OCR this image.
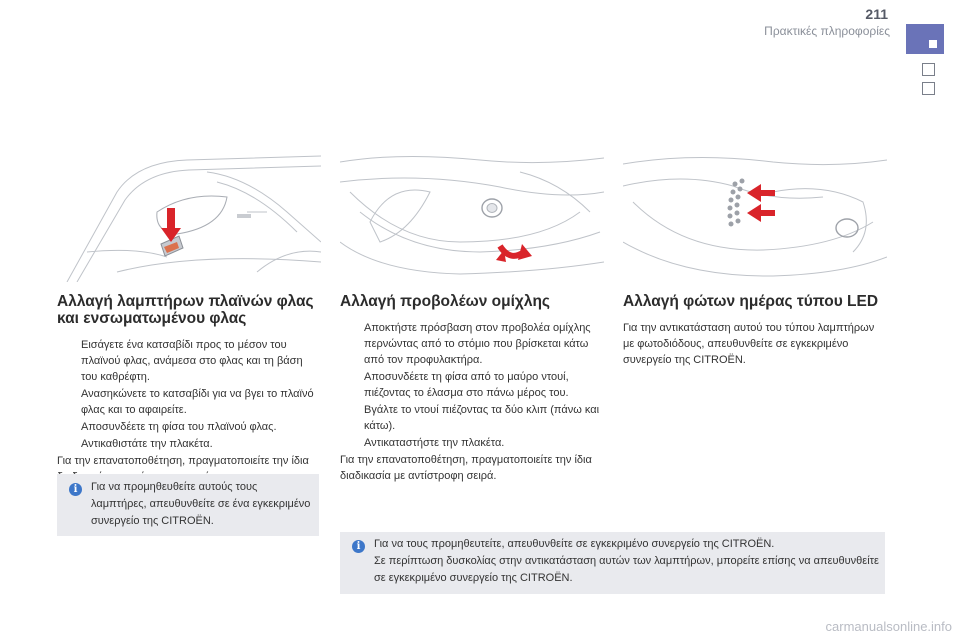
211
Πρακτικές πληροφορίες
Αλλαγή λαμπτήρων πλαϊνών φλας και ενσωματωμένου φλας
Εισάγετε ένα κατσαβίδι προς το μέσον του πλαϊνού φλας, ανάμεσα στο φλας και τη βάση του καθρέφτη.
Ανασηκώνετε το κατσαβίδι για να βγει το πλαϊνό φλας και το αφαιρείτε.
Αποσυνδέετε τη φίσα του πλαϊνού φλας.
Αντικαθιστάτε την πλακέτα.
Για την επανατοποθέτηση, πραγματοποιείτε την ίδια
Αλλαγή προβολέων ομίχλης
Αποκτήστε πρόσβαση στον προβολέα ομίχλης περνώντας από το στόμιο που βρίσκεται κάτω από τον προφυλακτήρα.
Αποσυνδέετε τη φίσα από το μαύρο ντουί, πιέζοντας το έλασμα στο πάνω μέρος του.
Βγάλτε το ντουί πιέζοντας τα δύο κλιπ (πάνω και κάτω).
Αντικαταστήστε την πλακέτα.
Για την επανατοποθέτηση, πραγματοποιείτε την ίδια διαδικασία με αντίστροφη σειρά.
Αλλαγή φώτων ημέρας τύπου LED
Για την αντικατάσταση αυτού του τύπου λαμπτήρων με φωτοδιόδους, απευθυνθείτε σε εγκεκριμένο συνεργείο της CITROËN.
i	Για να προμηθευθείτε αυτούς τους λαμπτήρες, απευθυνθείτε σε ένα εγκεκριμένο συνεργείο της CITROËN.
i	Για να τους προμηθευτείτε, απευθυνθείτε σε εγκεκριμένο συνεργείο της CITROËN.
Σε περίπτωση δυσκολίας στην αντικατάσταση αυτών των λαμπτήρων, μπορείτε επίσης να απευθυνθείτε σε εγκεκριμένο συνεργείο της CITROËN.
carmanualsonline.info
